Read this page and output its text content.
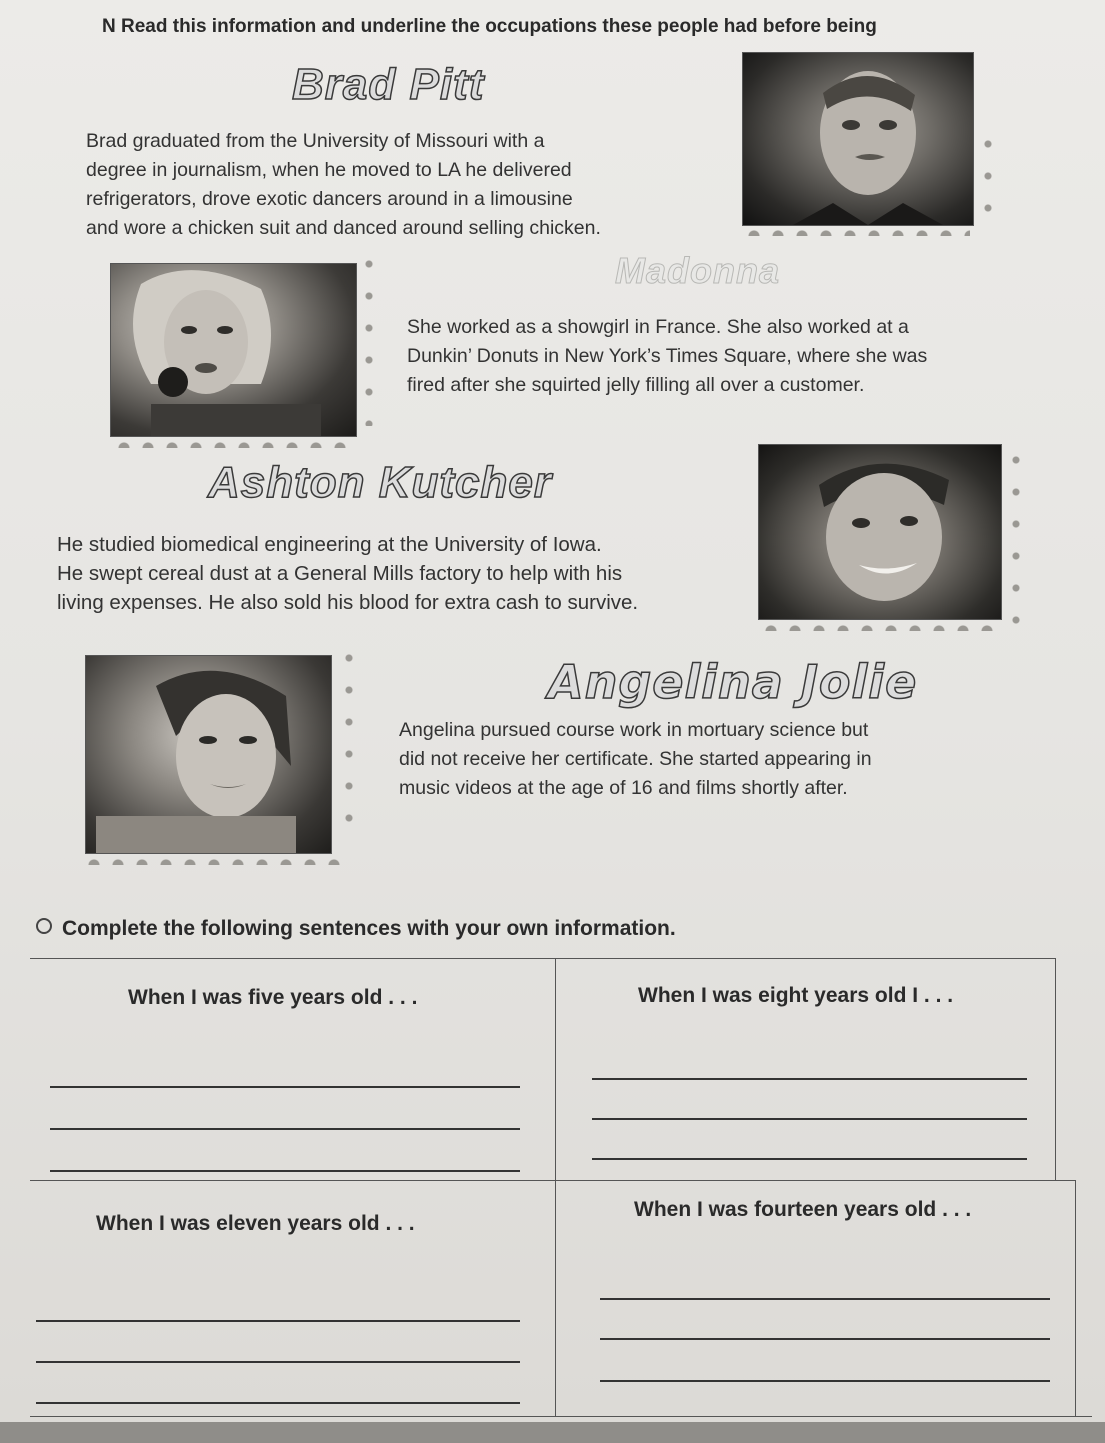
N Read this information and underline the occupations these people had before being
Brad Pitt

Brad graduated from the University of Missouri with a

degree in journalism, when he moved to LA he delivered

refrigerators, drove exotic dancers around in a limousine

and wore a chicken suit and danced around selling chicken.

Madonna

She worked as a showgirl in France. She also worked at a

Dunkin’ Donuts in New York’s Times Square, where she was

fired after she squirted jelly filling all over a customer.

Ashton Kutcher

He studied biomedical engineering at the University of Iowa.

He swept cereal dust at a General Mills factory to help with his

living expenses. He also sold his blood for extra cash to survive.

Angelina Jolie

Angelina pursued course work in mortuary science but

did not receive her certificate. She started appearing in

music videos at the age of 16 and films shortly after.

Complete the following sentences with your own information.
When I was five years old . . .	When I was eight years old I . . .
When I was eleven years old . . .
When I was fourteen years old . . .
